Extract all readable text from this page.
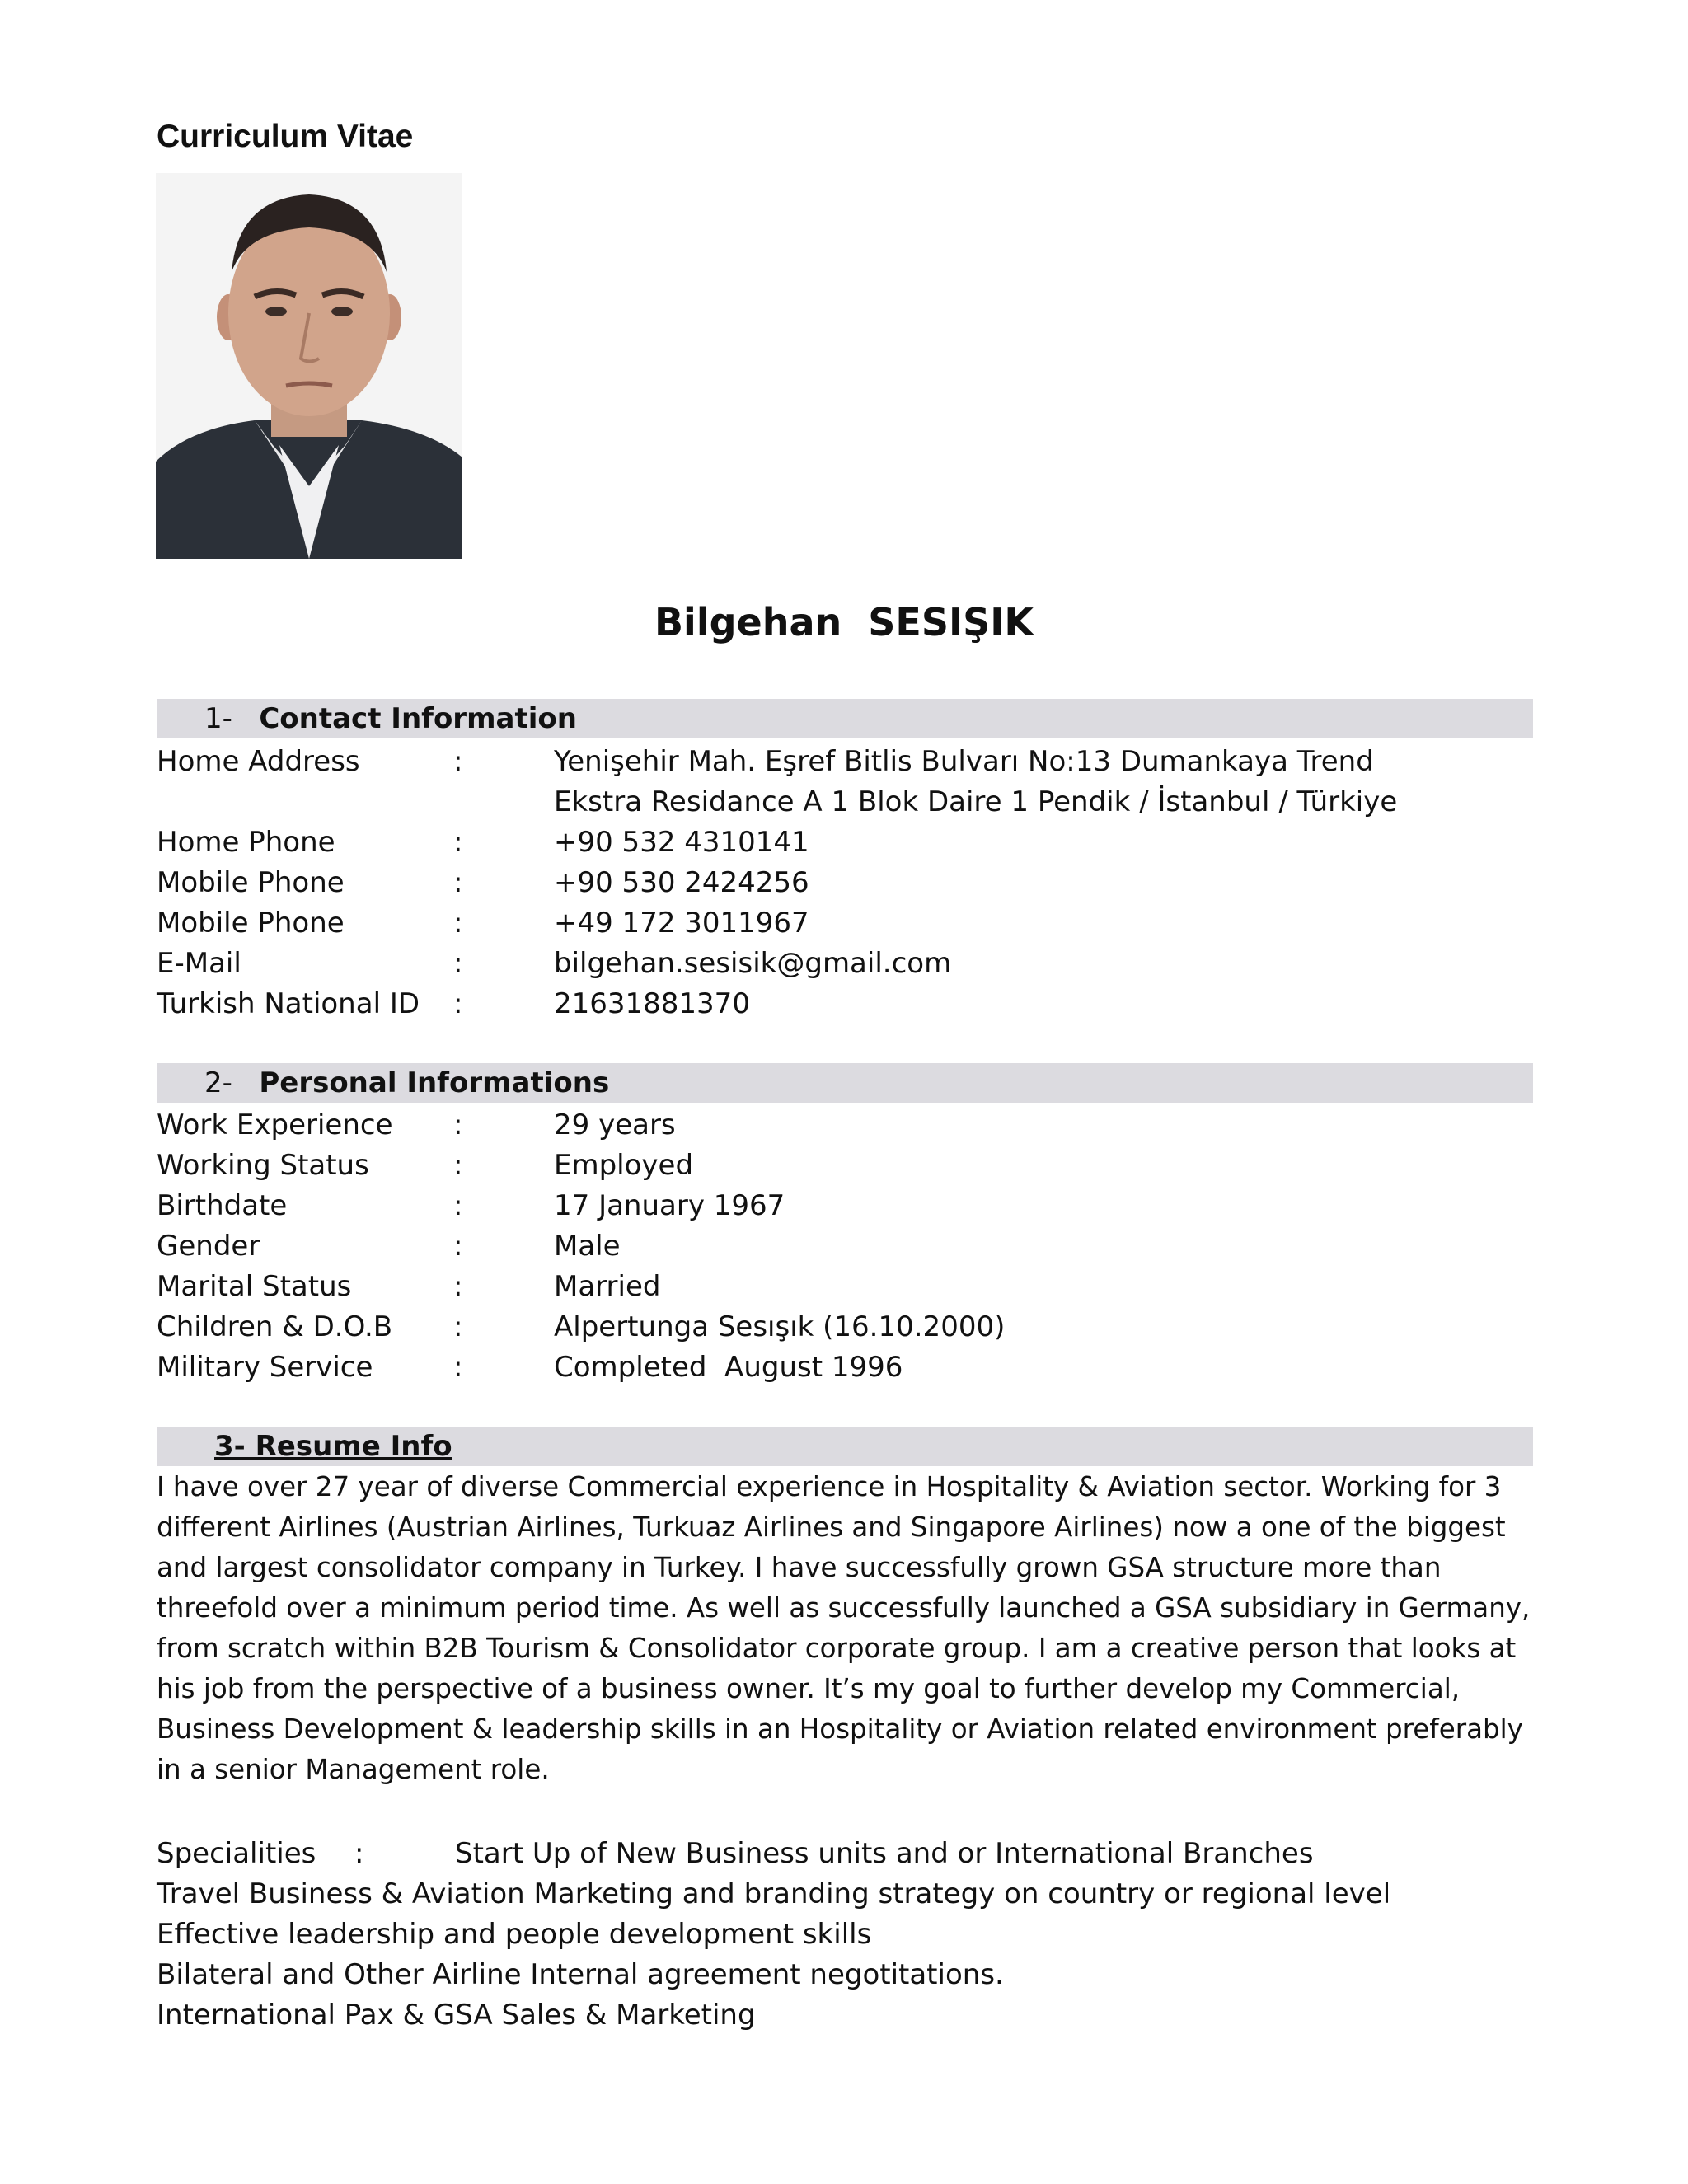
Curriculum Vitae
Bilgehan  SESIŞIK
1- Contact Information
Home Address	:	Yenişehir Mah. Eşref Bitlis Bulvarı No:13 Dumankaya Trend Ekstra Residance A 1 Blok Daire 1 Pendik / İstanbul / Türkiye
Home Phone	:	+90 532 4310141
Mobile Phone	:	+90 530 2424256
Mobile Phone	:	+49 172 3011967
E-Mail	:	bilgehan.sesisik@gmail.com
Turkish National ID :	21631881370
2- Personal Informations
Work Experience :	29 years
Working Status	:	Employed
Birthdate	:	17 January 1967
Gender	:	Male
Marital Status	:	Married
Children & D.O.B :	Alpertunga Sesışık (16.10.2000)
Military Service	:	Completed  August 1996
3- Resume Info

I have over 27 year of diverse Commercial experience in Hospitality & Aviation sector. Working for 3 different Airlines (Austrian Airlines, Turkuaz Airlines and Singapore Airlines) now a one of the biggest and largest consolidator company in Turkey. I have successfully grown GSA structure more than threefold over a minimum period time. As well as successfully launched a GSA subsidiary in Germany, from scratch within B2B Tourism & Consolidator corporate group. I am a creative person that looks at his job from the perspective of a business owner. It’s my goal to further develop my Commercial, Business Development & leadership skills in an Hospitality or Aviation related environment preferably in a senior Management role.

Specialities :	Start Up of New Business units and or International Branches
Travel Business & Aviation Marketing and branding strategy on country or regional level
Effective leadership and people development skills
Bilateral and Other Airline Internal agreement negotitations.
International Pax & GSA Sales & Marketing
